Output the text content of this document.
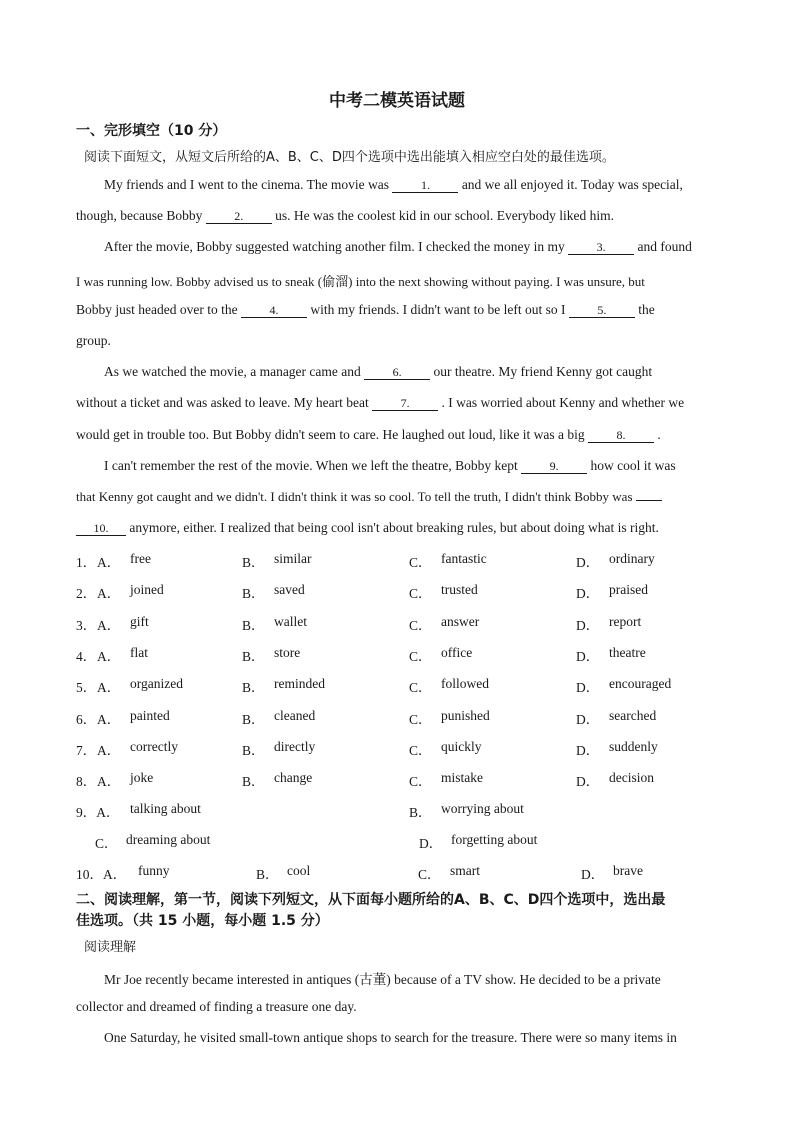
中考二模英语试题
一、完形填空（10 分）
阅读下面短文，从短文后所给的A、B、C、D四个选项中选出能填入相应空白处的最佳选项。
My friends and I went to the cinema. The movie was	1. and we all enjoyed it. Today was special,
though, because Bobby	2. us. He was the coolest kid in our school. Everybody liked him.
After the movie, Bobby suggested watching another film. I checked the money in my	3. and found
I was running low. Bobby advised us to sneak (偷溜) into the next showing without paying. I was unsure, but
Bobby just headed over to the	4. with my friends. I didn't want to be left out so I	5. the
group.
As we watched the movie, a manager came and	6. our theatre. My friend Kenny got caught
without a ticket and was asked to leave. My heart beat	7. . I was worried about Kenny and whether we
would get in trouble too. But Bobby didn't seem to care. He laughed out loud, like it was a big	8. .
I can't remember the rest of the movie. When we left the theatre, Bobby kept	9. how cool it was
that Kenny got caught and we didn't. I didn't think it was so cool. To tell the truth, I didn't think Bobby was
10. anymore, either. I realized that being cool isn't about breaking rules, but about doing what is right.
1． A． free	B． similar	C． fantastic	D． ordinary
2． A． joined	B． saved	C． trusted	D． praised
3． A． gift	B． wallet	C． answer	D． report
4． A． flat	B． store	C． office	D． theatre
5． A． organized	B． reminded	C． followed	D． encouraged
6． A． painted	B． cleaned	C． punished	D． searched
7． A． correctly	B． directly	C． quickly	D． suddenly
8． A． joke	B． change	C． mistake	D． decision
9．A． talking about	B． worrying about
C． dreaming about	D． forgetting about
10．A． funny	B． cool	C． smart	D． brave
二、阅读理解，第一节，阅读下列短文，从下面每小题所给的A、B、C、D四个选项中，选出最
佳选项。（共 15 小题，每小题 1.5 分）
阅读理解
Mr Joe recently became interested in antiques (古董) because of a TV show. He decided to be a private
collector and dreamed of finding a treasure one day.
One Saturday, he visited small-town antique shops to search for the treasure. There were so many items in
